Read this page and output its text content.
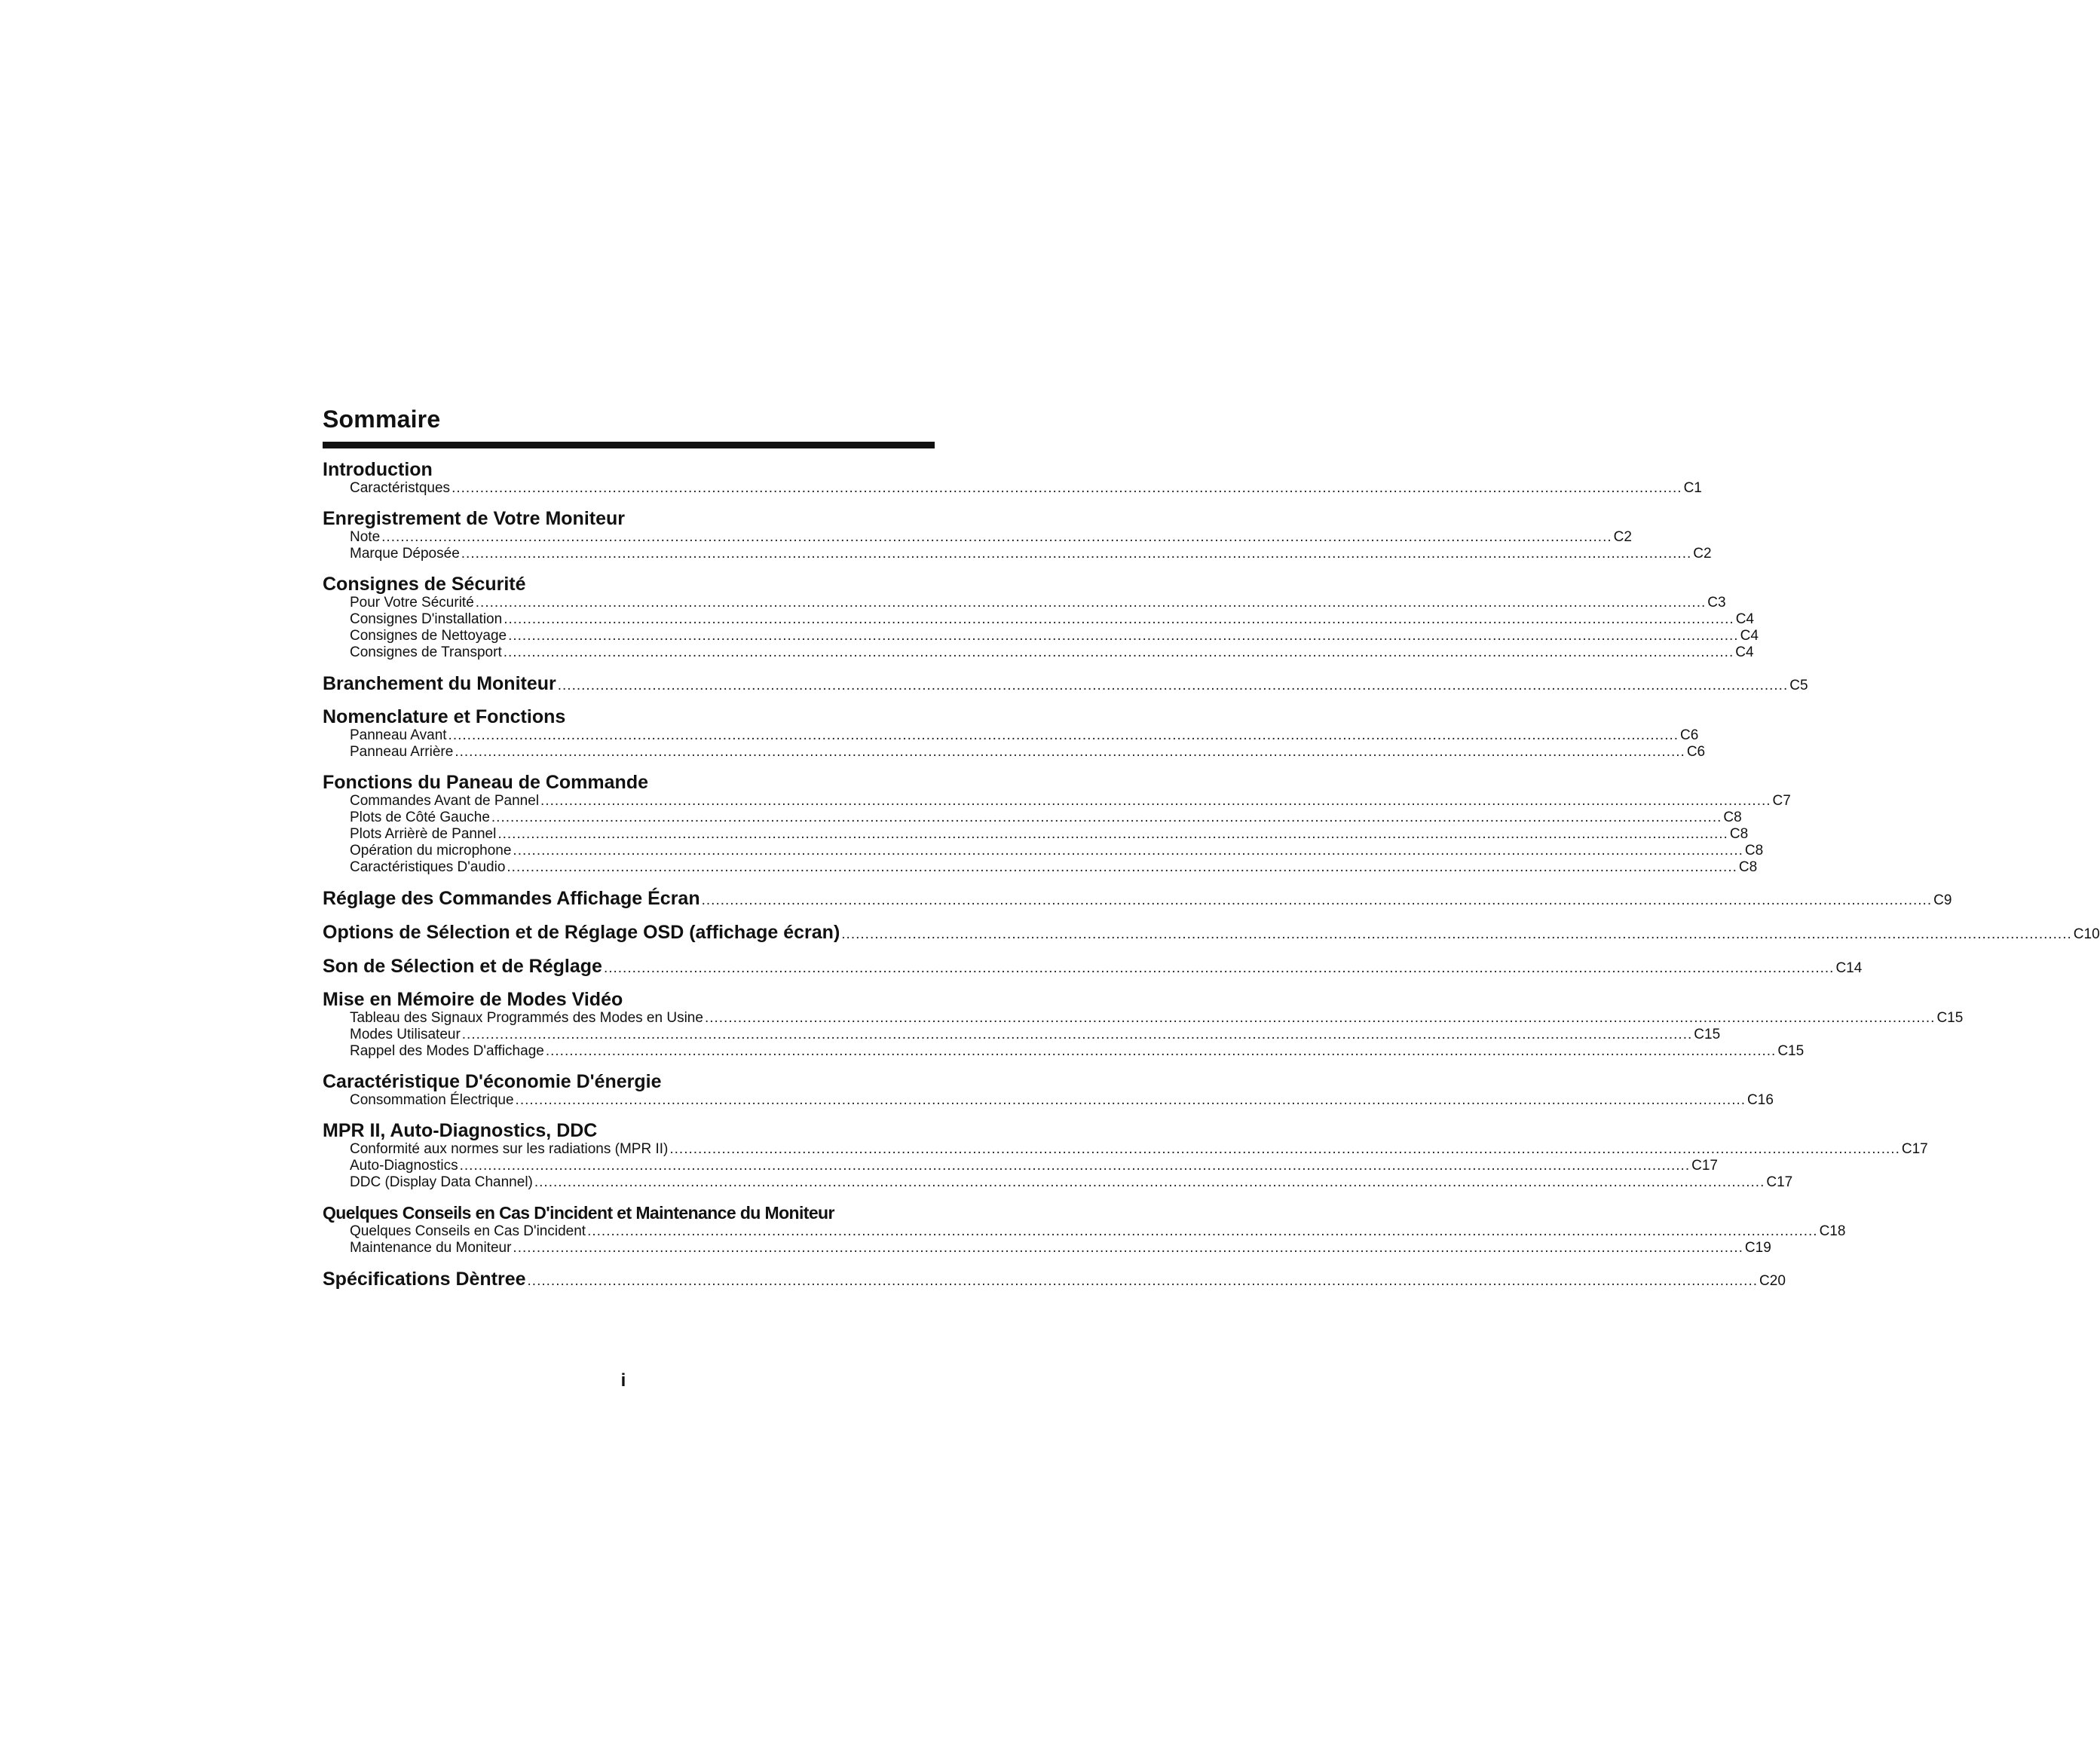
Sommaire
Introduction
Caractéristques .................................................................................................................................................................................................................................................................... C1
Enregistrement de Votre Moniteur
Note .................................................................................................................................................................................................................................................................... C2
Marque Déposée .................................................................................................................................................................................................................................................................... C2
Consignes de Sécurité
Pour Votre Sécurité .................................................................................................................................................................................................................................................................... C3
Consignes D'installation .................................................................................................................................................................................................................................................................... C4
Consignes de Nettoyage .................................................................................................................................................................................................................................................................... C4
Consignes de Transport .................................................................................................................................................................................................................................................................... C4
Branchement du Moniteur .................................................................................................................................................................................................................................................................... C5
Nomenclature et Fonctions
Panneau Avant .................................................................................................................................................................................................................................................................... C6
Panneau Arrière .................................................................................................................................................................................................................................................................... C6
Fonctions du Paneau de Commande
Commandes Avant de Pannel .................................................................................................................................................................................................................................................................... C7
Plots de Côté Gauche .................................................................................................................................................................................................................................................................... C8
Plots Arrièrè de Pannel .................................................................................................................................................................................................................................................................... C8
Opération du microphone .................................................................................................................................................................................................................................................................... C8
Caractéristiques D'audio .................................................................................................................................................................................................................................................................... C8
Réglage des Commandes Affichage Écran .................................................................................................................................................................................................................................................................... C9
Options de Sélection et de Réglage OSD (affichage écran) .................................................................................................................................................................................................................................................................... C10
Son de Sélection et de Réglage .................................................................................................................................................................................................................................................................... C14
Mise en Mémoire de Modes Vidéo
Tableau des Signaux Programmés des Modes en Usine .................................................................................................................................................................................................................................................................... C15
Modes Utilisateur .................................................................................................................................................................................................................................................................... C15
Rappel des Modes D'affichage .................................................................................................................................................................................................................................................................... C15
Caractéristique D'économie D'énergie
Consommation Électrique .................................................................................................................................................................................................................................................................... C16
MPR II, Auto-Diagnostics, DDC
Conformité aux normes sur les radiations (MPR II) .................................................................................................................................................................................................................................................................... C17
Auto-Diagnostics .................................................................................................................................................................................................................................................................... C17
DDC (Display Data Channel) .................................................................................................................................................................................................................................................................... C17
Quelques Conseils en Cas D'incident et Maintenance du Moniteur
Quelques Conseils en Cas D'incident .................................................................................................................................................................................................................................................................... C18
Maintenance du Moniteur .................................................................................................................................................................................................................................................................... C19
Spécifications Dèntree .................................................................................................................................................................................................................................................................... C20
i
